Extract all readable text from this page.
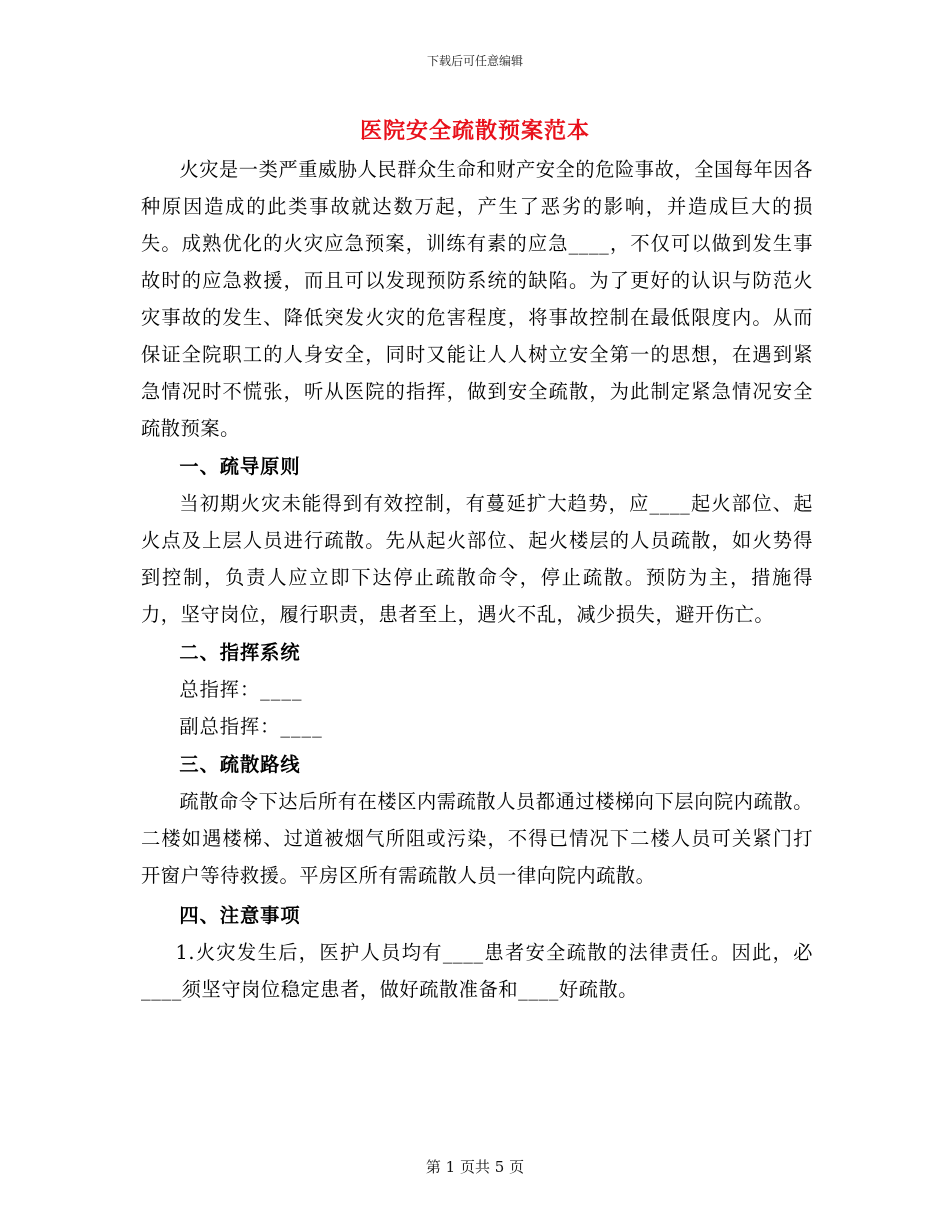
下载后可任意编辑
医院安全疏散预案范本

火灾是一类严重威胁人民群众生命和财产安全的危险事故，全国每年因各种原因造成的此类事故就达数万起，产生了恶劣的影响，并造成巨大的损失。成熟优化的火灾应急预案，训练有素的应急____，不仅可以做到发生事故时的应急救援，而且可以发现预防系统的缺陷。为了更好的认识与防范火灾事故的发生、降低突发火灾的危害程度，将事故控制在最低限度内。从而保证全院职工的人身安全，同时又能让人人树立安全第一的思想，在遇到紧急情况时不慌张，听从医院的指挥，做到安全疏散，为此制定紧急情况安全疏散预案。

一、疏导原则

当初期火灾未能得到有效控制，有蔓延扩大趋势，应____起火部位、起火点及上层人员进行疏散。先从起火部位、起火楼层的人员疏散，如火势得到控制，负责人应立即下达停止疏散命令，停止疏散。预防为主，措施得力，坚守岗位，履行职责，患者至上，遇火不乱，减少损失，避开伤亡。

二、指挥系统

总指挥：____

副总指挥：____

三、疏散路线

疏散命令下达后所有在楼区内需疏散人员都通过楼梯向下层向院内疏散。二楼如遇楼梯、过道被烟气所阻或污染，不得已情况下二楼人员可关紧门打开窗户等待救援。平房区所有需疏散人员一律向院内疏散。

四、注意事项

1.火灾发生后，医护人员均有____患者安全疏散的法律责任。因此，必____须坚守岗位稳定患者，做好疏散准备和____好疏散。

第 1 页共 5 页
